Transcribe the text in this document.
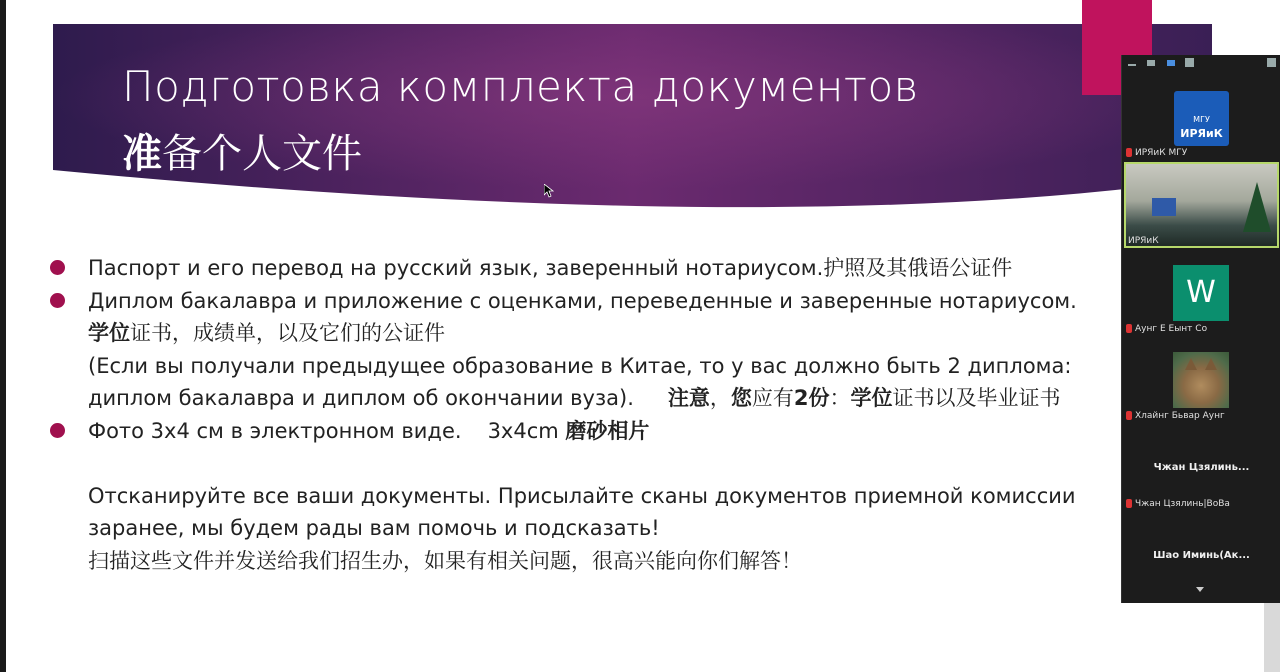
Подготовка комплекта документов
准备个人文件
Паспорт и его перевод на русский язык, заверенный нотариусом.护照及其俄语公证件
Диплом бакалавра и приложение с оценками, переведенные и заверенные нотариусом.
学位证书，成绩单，以及它们的公证件
(Если вы получали предыдущее образование в Китае, то у вас должно быть 2 диплома:
диплом бакалавра и диплом об окончании вуза). 注意，您应有2份：学位证书以及毕业证书
Фото 3x4 см в электронном виде. 3x4cm 磨砂相片
Отсканируйте все ваши документы. Присылайте сканы документов приемной комиссии
заранее, мы будем рады вам помочь и подсказать!
扫描这些文件并发送给我们招生办，如果有相关问题，很高兴能向你们解答！
МГУ
ИРЯиК
ИРЯиК МГУ
ИРЯиК
W
Аунг Е Еынт Со
Хлайнг Бьвар Аунг
Чжан Цзялинь...
Чжан Цзялинь|ВоВа
Шао Иминь(Ак...
